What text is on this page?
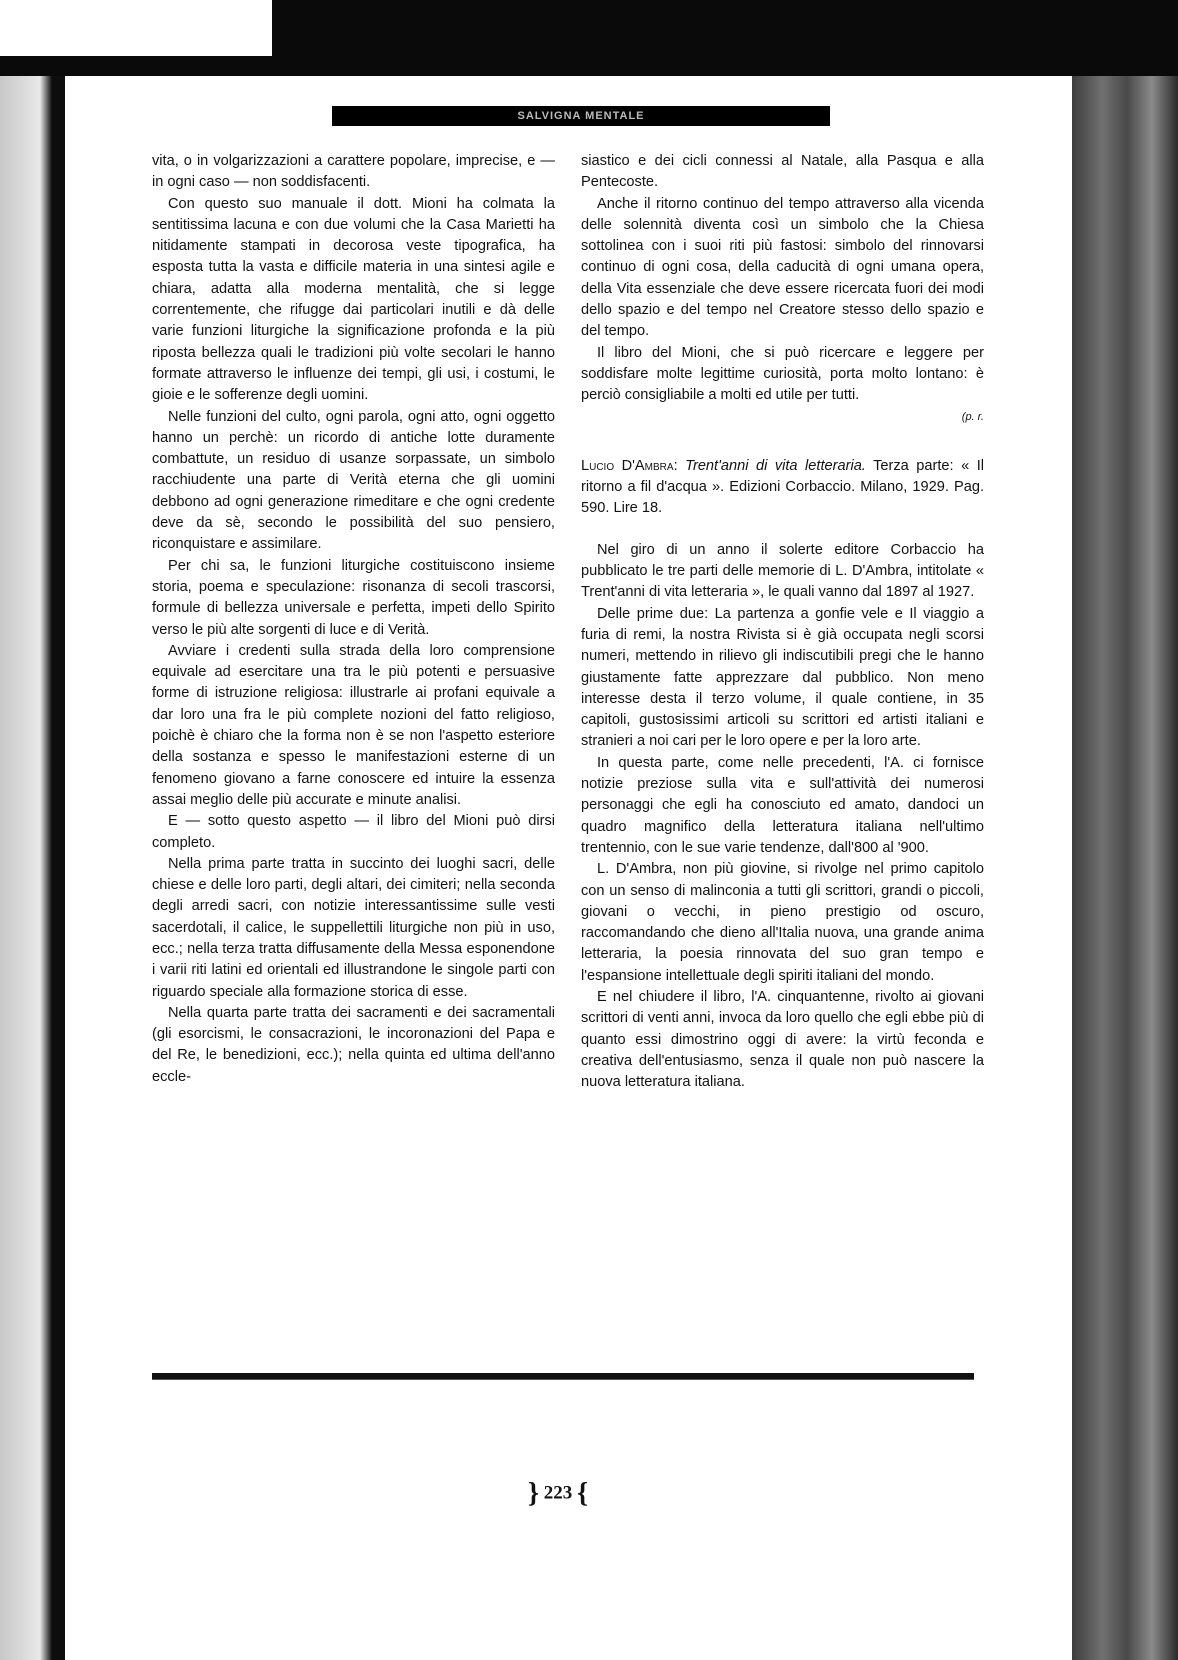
SALVIGNA MENTALE

vita, o in volgarizzazioni a carattere popolare, imprecise, e — in ogni caso — non soddisfacenti.

Con questo suo manuale il dott. Mioni ha colmata la sentitissima lacuna e con due volumi che la Casa Marietti ha nitidamente stampati in decorosa veste tipografica, ha esposta tutta la vasta e difficile materia in una sintesi agile e chiara, adatta alla moderna mentalità, che si legge correntemente, che rifugge dai particolari inutili e dà delle varie funzioni liturgiche la significazione profonda e la più riposta bellezza quali le tradizioni più volte secolari le hanno formate attraverso le influenze dei tempi, gli usi, i costumi, le gioie e le sofferenze degli uomini.

Nelle funzioni del culto, ogni parola, ogni atto, ogni oggetto hanno un perchè: un ricordo di antiche lotte duramente combattute, un residuo di usanze sorpassate, un simbolo racchiudente una parte di Verità eterna che gli uomini debbono ad ogni generazione rimeditare e che ogni credente deve da sè, secondo le possibilità del suo pensiero, riconquistare e assimilare.

Per chi sa, le funzioni liturgiche costituiscono insieme storia, poema e speculazione: risonanza di secoli trascorsi, formule di bellezza universale e perfetta, impeti dello Spirito verso le più alte sorgenti di luce e di Verità.

Avviare i credenti sulla strada della loro comprensione equivale ad esercitare una tra le più potenti e persuasive forme di istruzione religiosa: illustrarle ai profani equivale a dar loro una fra le più complete nozioni del fatto religioso, poichè è chiaro che la forma non è se non l'aspetto esteriore della sostanza e spesso le manifestazioni esterne di un fenomeno giovano a farne conoscere ed intuire la essenza assai meglio delle più accurate e minute analisi.

E — sotto questo aspetto — il libro del Mioni può dirsi completo.

Nella prima parte tratta in succinto dei luoghi sacri, delle chiese e delle loro parti, degli altari, dei cimiteri; nella seconda degli arredi sacri, con notizie interessantissime sulle vesti sacerdotali, il calice, le suppellettili liturgiche non più in uso, ecc.; nella terza tratta diffusamente della Messa esponendone i varii riti latini ed orientali ed illustrandone le singole parti con riguardo speciale alla formazione storica di esse.

Nella quarta parte tratta dei sacramenti e dei sacramentali (gli esorcismi, le consacrazioni, le incoronazioni del Papa e del Re, le benedizioni, ecc.); nella quinta ed ultima dell'anno eccle-

siastico e dei cicli connessi al Natale, alla Pasqua e alla Pentecoste.

Anche il ritorno continuo del tempo attraverso alla vicenda delle solennità diventa così un simbolo che la Chiesa sottolinea con i suoi riti più fastosi: simbolo del rinnovarsi continuo di ogni cosa, della caducità di ogni umana opera, della Vita essenziale che deve essere ricercata fuori dei modi dello spazio e del tempo nel Creatore stesso dello spazio e del tempo.

Il libro del Mioni, che si può ricercare e leggere per soddisfare molte legittime curiosità, porta molto lontano: è perciò consigliabile a molti ed utile per tutti.

(p. r.

Lucio D'Ambra: Trent'anni di vita letteraria. Terza parte: « Il ritorno a fil d'acqua ». Edizioni Corbaccio. Milano, 1929. Pag. 590. Lire 18.

Nel giro di un anno il solerte editore Corbaccio ha pubblicato le tre parti delle memorie di L. D'Ambra, intitolate « Trent'anni di vita letteraria », le quali vanno dal 1897 al 1927.

Delle prime due: La partenza a gonfie vele e Il viaggio a furia di remi, la nostra Rivista si è già occupata negli scorsi numeri, mettendo in rilievo gli indiscutibili pregi che le hanno giustamente fatte apprezzare dal pubblico. Non meno interesse desta il terzo volume, il quale contiene, in 35 capitoli, gustosissimi articoli su scrittori ed artisti italiani e stranieri a noi cari per le loro opere e per la loro arte.

In questa parte, come nelle precedenti, l'A. ci fornisce notizie preziose sulla vita e sull'attività dei numerosi personaggi che egli ha conosciuto ed amato, dandoci un quadro magnifico della letteratura italiana nell'ultimo trentennio, con le sue varie tendenze, dall'800 al '900.

L. D'Ambra, non più giovine, si rivolge nel primo capitolo con un senso di malinconia a tutti gli scrittori, grandi o piccoli, giovani o vecchi, in pieno prestigio od oscuro, raccomandando che dieno all'Italia nuova, una grande anima letteraria, la poesia rinnovata del suo gran tempo e l'espansione intellettuale degli spiriti italiani del mondo.

E nel chiudere il libro, l'A. cinquantenne, rivolto ai giovani scrittori di venti anni, invoca da loro quello che egli ebbe più di quanto essi dimostrino oggi di avere: la virtù feconda e creativa dell'entusiasmo, senza il quale non può nascere la nuova letteratura italiana.

} 223 {
